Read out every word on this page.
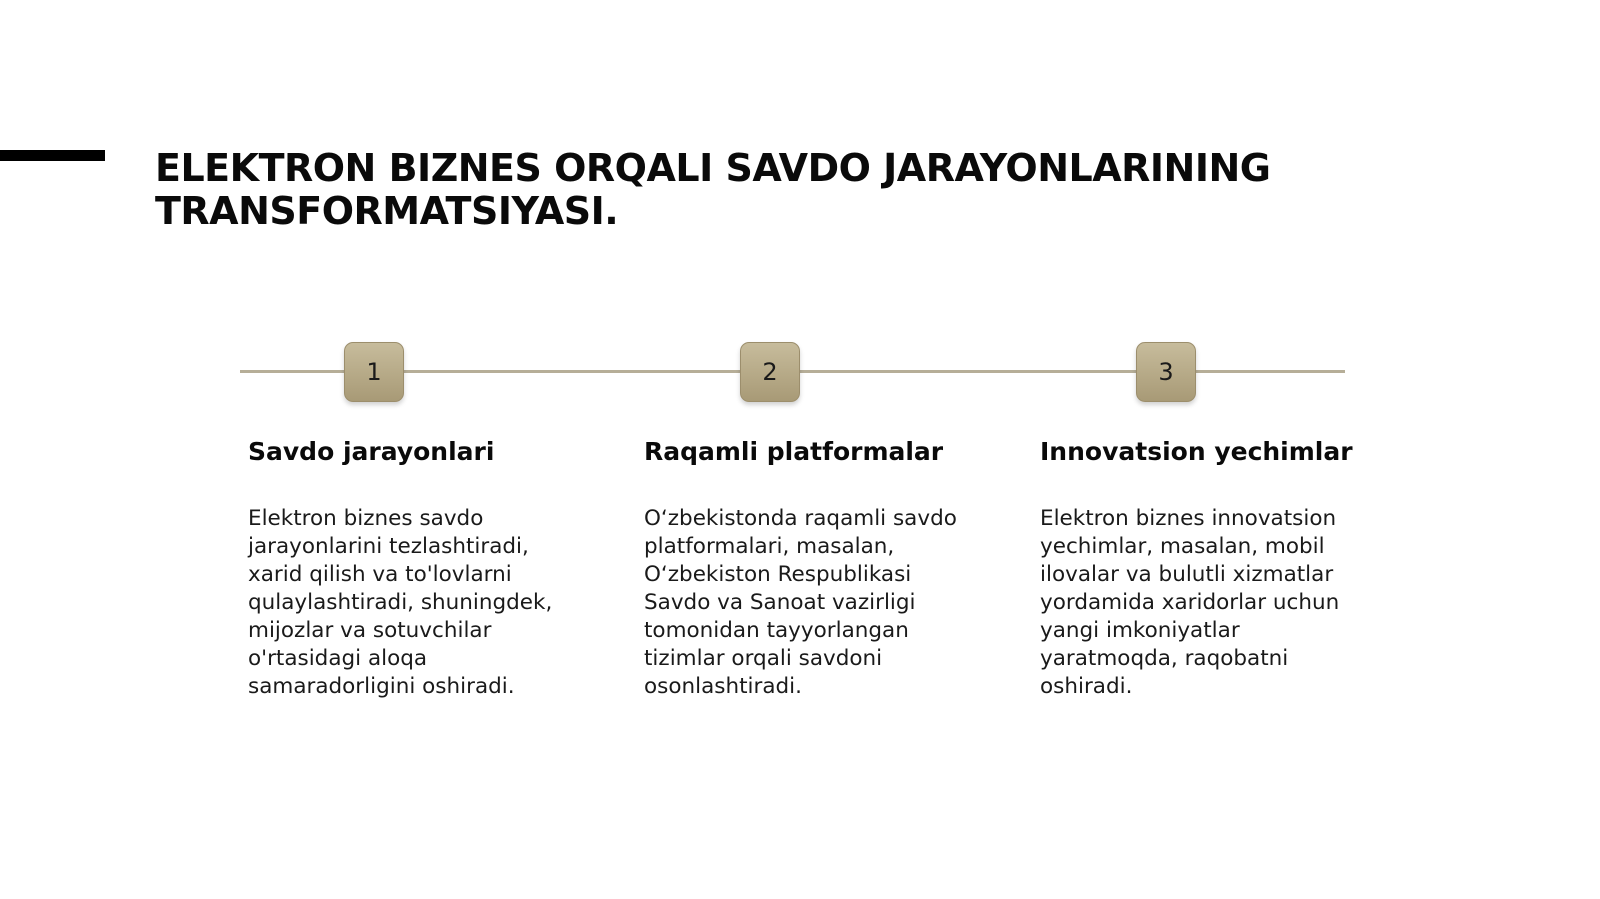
ELEKTRON BIZNES ORQALI SAVDO JARAYONLARINING TRANSFORMATSIYASI.
1	2	3
Savdo jarayonlari

Elektron biznes savdo jarayonlarini tezlashtiradi, xarid qilish va to'lovlarni qulaylashtiradi, shuningdek, mijozlar va sotuvchilar o'rtasidagi aloqa samaradorligini oshiradi.

Raqamli platformalar

O‘zbekistonda raqamli savdo platformalari, masalan, O‘zbekiston Respublikasi Savdo va Sanoat vazirligi tomonidan tayyorlangan tizimlar orqali savdoni osonlashtiradi.

Innovatsion yechimlar

Elektron biznes innovatsion yechimlar, masalan, mobil ilovalar va bulutli xizmatlar yordamida xaridorlar uchun yangi imkoniyatlar yaratmoqda, raqobatni oshiradi.
